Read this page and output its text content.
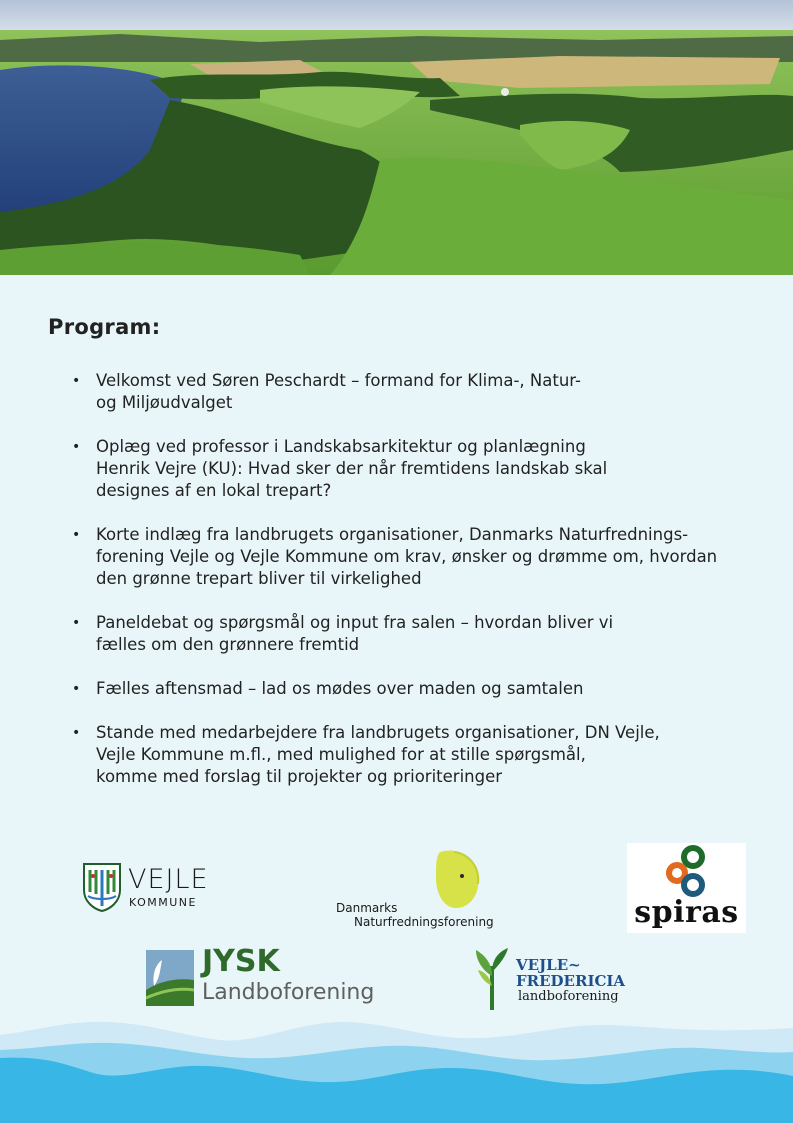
Program:
• Velkomst ved Søren Peschardt – formand for Klima-, Natur-
og Miljøudvalget
• Oplæg ved professor i Landskabsarkitektur og planlægning
Henrik Vejre (KU): Hvad sker der når fremtidens landskab skal
designes af en lokal trepart?
• Korte indlæg fra landbrugets organisationer, Danmarks Naturfrednings-
forening Vejle og Vejle Kommune om krav, ønsker og drømme om, hvordan
den grønne trepart bliver til virkelighed
• Paneldebat og spørgsmål og input fra salen – hvordan bliver vi
fælles om den grønnere fremtid
• Fælles aftensmad – lad os mødes over maden og samtalen
• Stande med medarbejdere fra landbrugets organisationer, DN Vejle,
Vejle Kommune m.fl., med mulighed for at stille spørgsmål,
komme med forslag til projekter og prioriteringer
VEJLE
KOMMUNE	Danmarks
Naturfredningsforening	spiras
JYSK
Landboforening
VEJLE~
FREDERICIA
landboforening
